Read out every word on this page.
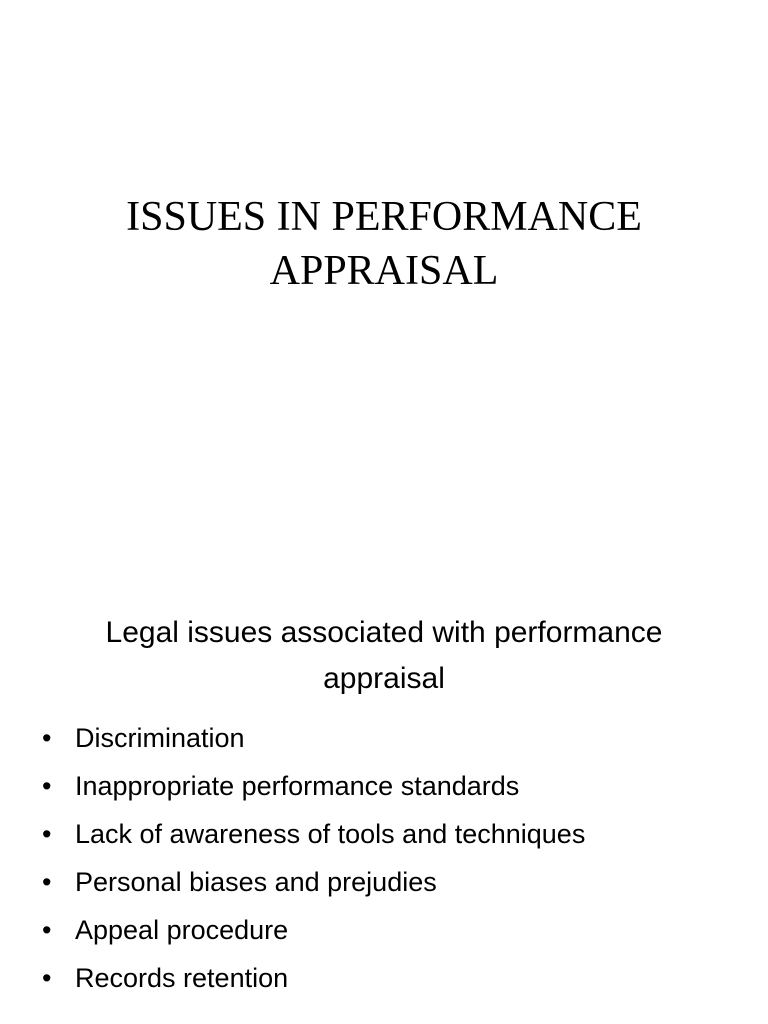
ISSUES IN PERFORMANCE
APPRAISAL
Legal issues associated with performance
appraisal
• Discrimination
• Inappropriate performance standards
• Lack of awareness of tools and techniques
• Personal biases and prejudies
• Appeal procedure
• Records retention
